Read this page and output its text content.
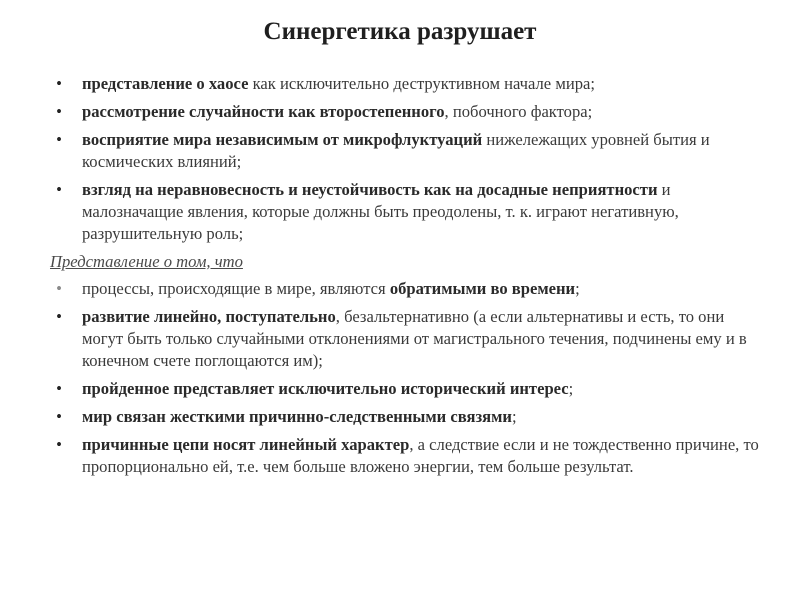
Синергетика разрушает
• представление о хаосе как исключительно деструктивном начале мира;
• рассмотрение случайности как второстепенного, побочного фактора;
• восприятие мира независимым от микрофлуктуаций нижележащих уровней бытия и космических влияний;
• взгляд на неравновесность и неустойчивость как на досадные неприятности и малозначащие явления, которые должны быть преодолены, т. к. играют негативную, разрушительную роль;
Представление о том, что
• процессы, происходящие в мире, являются обратимыми во времени;
• развитие линейно, поступательно, безальтернативно (а если альтернативы и есть, то они могут быть только случайными отклонениями от магистрального течения, подчинены ему и в конечном счете поглощаются им);
• пройденное представляет исключительно исторический интерес;
• мир связан жесткими причинно-следственными связями;
• причинные цепи носят линейный характер, а следствие если и не тождественно причине, то пропорционально ей, т.е. чем больше вложено энергии, тем больше результат.
